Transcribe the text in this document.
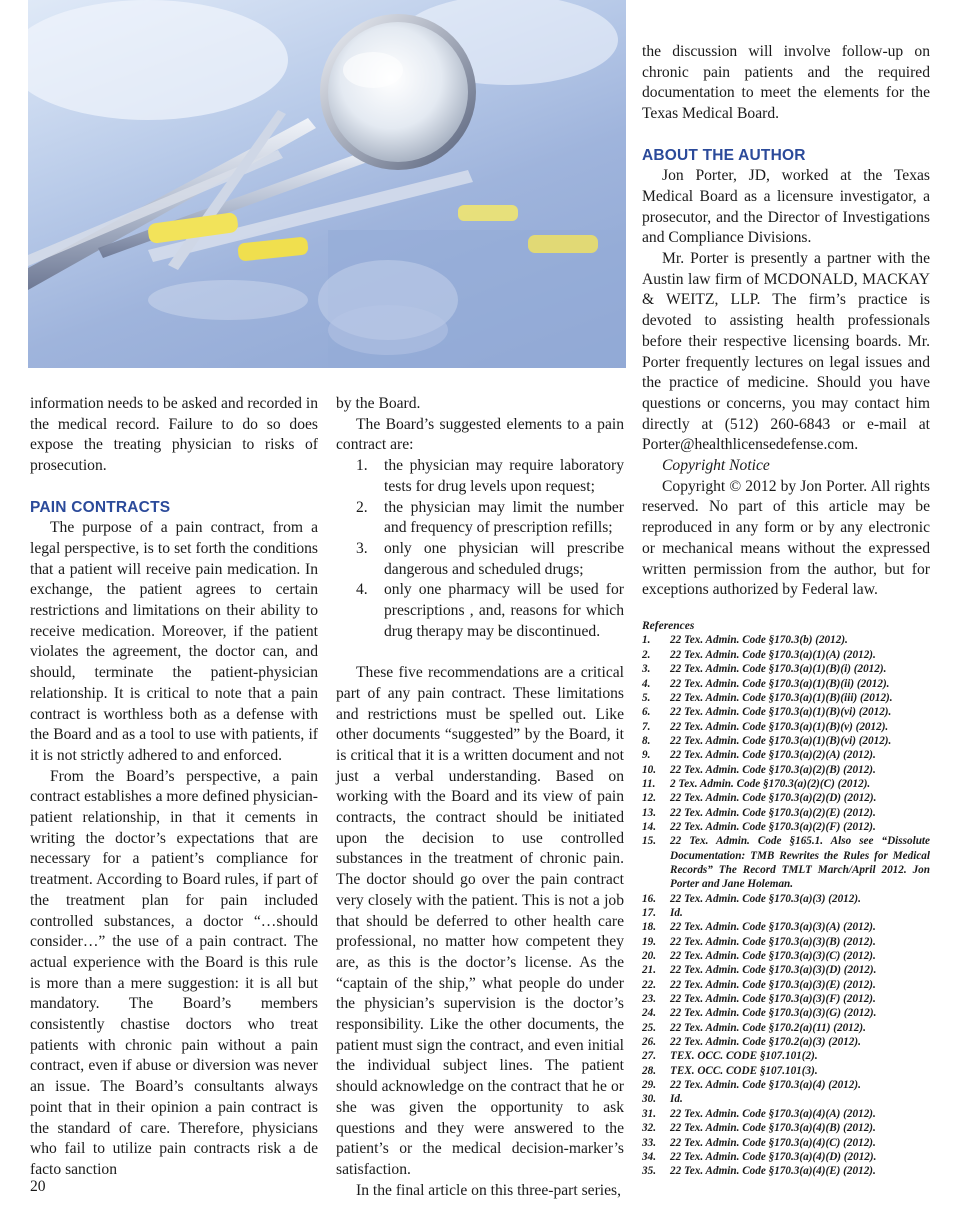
information needs to be asked and recorded in the medical record. Failure to do so does expose the treating physician to risks of prosecution.

PAIN CONTRACTS

The purpose of a pain contract, from a legal perspective, is to set forth the conditions that a patient will receive pain medication. In exchange, the patient agrees to certain restrictions and limitations on their ability to receive medication. Moreover, if the patient violates the agreement, the doctor can, and should, terminate the patient-physician relationship. It is critical to note that a pain contract is worthless both as a defense with the Board and as a tool to use with patients, if it is not strictly adhered to and enforced.

From the Board’s perspective, a pain contract establishes a more defined physician-patient relationship, in that it cements in writing the doctor’s expectations that are necessary for a patient’s compliance for treatment. According to Board rules, if part of the treatment plan for pain included controlled substances, a doctor “…should consider…” the use of a pain contract. The actual experience with the Board is this rule is more than a mere suggestion: it is all but mandatory. The Board’s members consistently chastise doctors who treat patients with chronic pain without a pain contract, even if abuse or diversion was never an issue. The Board’s consultants always point that in their opinion a pain contract is the standard of care. Therefore, physicians who fail to utilize pain contracts risk a de facto sanction

by the Board.

The Board’s suggested elements to a pain contract are:

1. the physician may require laboratory tests for drug levels upon request;
2. the physician may limit the number and frequency of prescription refills;
3. only one physician will prescribe dangerous and scheduled drugs;
4. only one pharmacy will be used for prescriptions , and, reasons for which drug therapy may be discontinued.

These five recommendations are a critical part of any pain contract. These limitations and restrictions must be spelled out. Like other documents “suggested” by the Board, it is critical that it is a written document and not just a verbal understanding. Based on working with the Board and its view of pain contracts, the contract should be initiated upon the decision to use controlled substances in the treatment of chronic pain. The doctor should go over the pain contract very closely with the patient. This is not a job that should be deferred to other health care professional, no matter how competent they are, as this is the doctor’s license. As the “captain of the ship,” what people do under the physician’s supervision is the doctor’s responsibility. Like the other documents, the patient must sign the contract, and even initial the individual subject lines. The patient should acknowledge on the contract that he or she was given the opportunity to ask questions and they were answered to the patient’s or the medical decision-marker’s satisfaction.

In the final article on this three-part series,

the discussion will involve follow-up on chronic pain patients and the required documentation to meet the elements for the Texas Medical Board.

ABOUT THE AUTHOR

Jon Porter, JD, worked at the Texas Medical Board as a licensure investigator, a prosecutor, and the Director of Investigations and Compliance Divisions.

Mr. Porter is presently a partner with the Austin law firm of MCDONALD, MACKAY & WEITZ, LLP. The firm’s practice is devoted to assisting health professionals before their respective licensing boards. Mr. Porter frequently lectures on legal issues and the practice of medicine. Should you have questions or concerns, you may contact him directly at (512) 260-6843 or e-mail at Porter@healthlicensedefense.com.

Copyright Notice

Copyright © 2012 by Jon Porter. All rights reserved. No part of this article may be reproduced in any form or by any electronic or mechanical means without the expressed written permission from the author, but for exceptions authorized by Federal law.

References

1. 22 Tex. Admin. Code §170.3(b) (2012).
2. 22 Tex. Admin. Code §170.3(a)(1)(A) (2012).
3. 22 Tex. Admin. Code §170.3(a)(1)(B)(i) (2012).
4. 22 Tex. Admin. Code §170.3(a)(1)(B)(ii) (2012).
5. 22 Tex. Admin. Code §170.3(a)(1)(B)(iii) (2012).
6. 22 Tex. Admin. Code §170.3(a)(1)(B)(vi) (2012).
7. 22 Tex. Admin. Code §170.3(a)(1)(B)(v) (2012).
8. 22 Tex. Admin. Code §170.3(a)(1)(B)(vi) (2012).
9. 22 Tex. Admin. Code §170.3(a)(2)(A) (2012).
10. 22 Tex. Admin. Code §170.3(a)(2)(B) (2012).
11. 2 Tex. Admin. Code §170.3(a)(2)(C) (2012).
12. 22 Tex. Admin. Code §170.3(a)(2)(D) (2012).
13. 22 Tex. Admin. Code §170.3(a)(2)(E) (2012).
14. 22 Tex. Admin. Code §170.3(a)(2)(F) (2012).
15. 22 Tex. Admin. Code §165.1. Also see “Dissolute Documentation: TMB Rewrites the Rules for Medical Records” The Record TMLT March/April 2012. Jon Porter and Jane Holeman.
16. 22 Tex. Admin. Code §170.3(a)(3) (2012).
17. Id.
18. 22 Tex. Admin. Code §170.3(a)(3)(A) (2012).
19. 22 Tex. Admin. Code §170.3(a)(3)(B) (2012).
20. 22 Tex. Admin. Code §170.3(a)(3)(C) (2012).
21. 22 Tex. Admin. Code §170.3(a)(3)(D) (2012).
22. 22 Tex. Admin. Code §170.3(a)(3)(E) (2012).
23. 22 Tex. Admin. Code §170.3(a)(3)(F) (2012).
24. 22 Tex. Admin. Code §170.3(a)(3)(G) (2012).
25. 22 Tex. Admin. Code §170.2(a)(11) (2012).
26. 22 Tex. Admin. Code §170.2(a)(3) (2012).
27. TEX. OCC. CODE §107.101(2).
28. TEX. OCC. CODE §107.101(3).
29. 22 Tex. Admin. Code §170.3(a)(4) (2012).
30. Id.
31. 22 Tex. Admin. Code §170.3(a)(4)(A) (2012).
32. 22 Tex. Admin. Code §170.3(a)(4)(B) (2012).
33. 22 Tex. Admin. Code §170.3(a)(4)(C) (2012).
34. 22 Tex. Admin. Code §170.3(a)(4)(D) (2012).
35. 22 Tex. Admin. Code §170.3(a)(4)(E) (2012).
20
